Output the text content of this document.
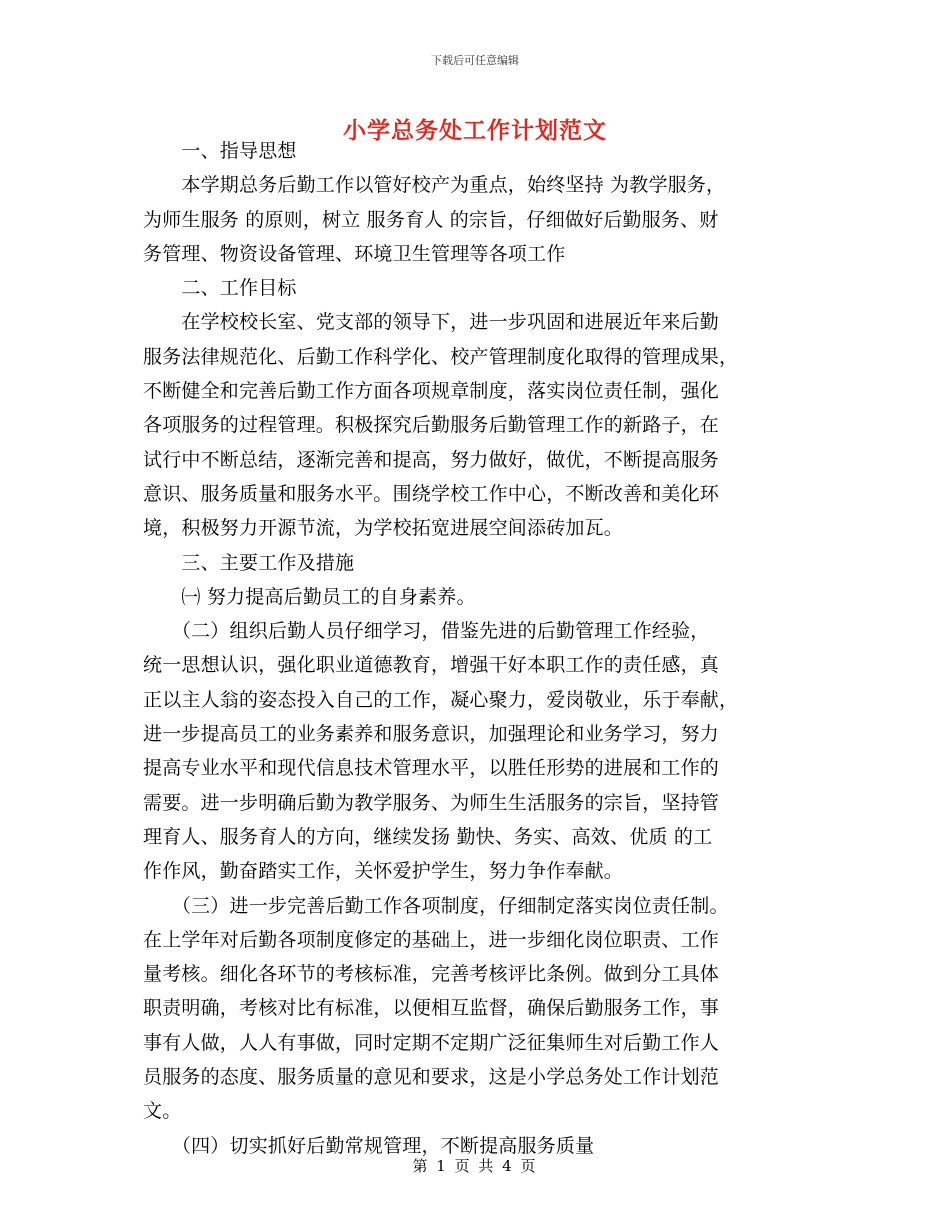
下载后可任意编辑
小学总务处工作计划范文
　　一、指导思想
　　本学期总务后勤工作以管好校产为重点，始终坚持 为教学服务，
为师生服务 的原则，树立 服务育人 的宗旨，仔细做好后勤服务、财
务管理、物资设备管理、环境卫生管理等各项工作
　　二、工作目标
　　在学校校长室、党支部的领导下，进一步巩固和进展近年来后勤
服务法律规范化、后勤工作科学化、校产管理制度化取得的管理成果，
不断健全和完善后勤工作方面各项规章制度，落实岗位责任制，强化
各项服务的过程管理。积极探究后勤服务后勤管理工作的新路子，在
试行中不断总结，逐渐完善和提高，努力做好，做优，不断提高服务
意识、服务质量和服务水平。围绕学校工作中心，不断改善和美化环
境，积极努力开源节流，为学校拓宽进展空间添砖加瓦。
　　三、主要工作及措施
　　㈠ 努力提高后勤员工的自身素养。
　　（二）组织后勤人员仔细学习，借鉴先进的后勤管理工作经验，
统一思想认识，强化职业道德教育，增强干好本职工作的责任感，真
正以主人翁的姿态投入自己的工作，凝心聚力，爱岗敬业，乐于奉献，
进一步提高员工的业务素养和服务意识，加强理论和业务学习，努力
提高专业水平和现代信息技术管理水平，以胜任形势的进展和工作的
需要。进一步明确后勤为教学服务、为师生生活服务的宗旨，坚持管
理育人、服务育人的方向，继续发扬 勤快、务实、高效、优质 的工
作作风，勤奋踏实工作，关怀爱护学生，努力争作奉献。
　　（三）进一步完善后勤工作各项制度，仔细制定落实岗位责任制。
在上学年对后勤各项制度修定的基础上，进一步细化岗位职责、工作
量考核。细化各环节的考核标准，完善考核评比条例。做到分工具体
职责明确，考核对比有标准，以便相互监督，确保后勤服务工作，事
事有人做，人人有事做，同时定期不定期广泛征集师生对后勤工作人
员服务的态度、服务质量的意见和要求，这是小学总务处工作计划范
文。
　　（四）切实抓好后勤常规管理，不断提高服务质量
第 1 页 共 4 页
